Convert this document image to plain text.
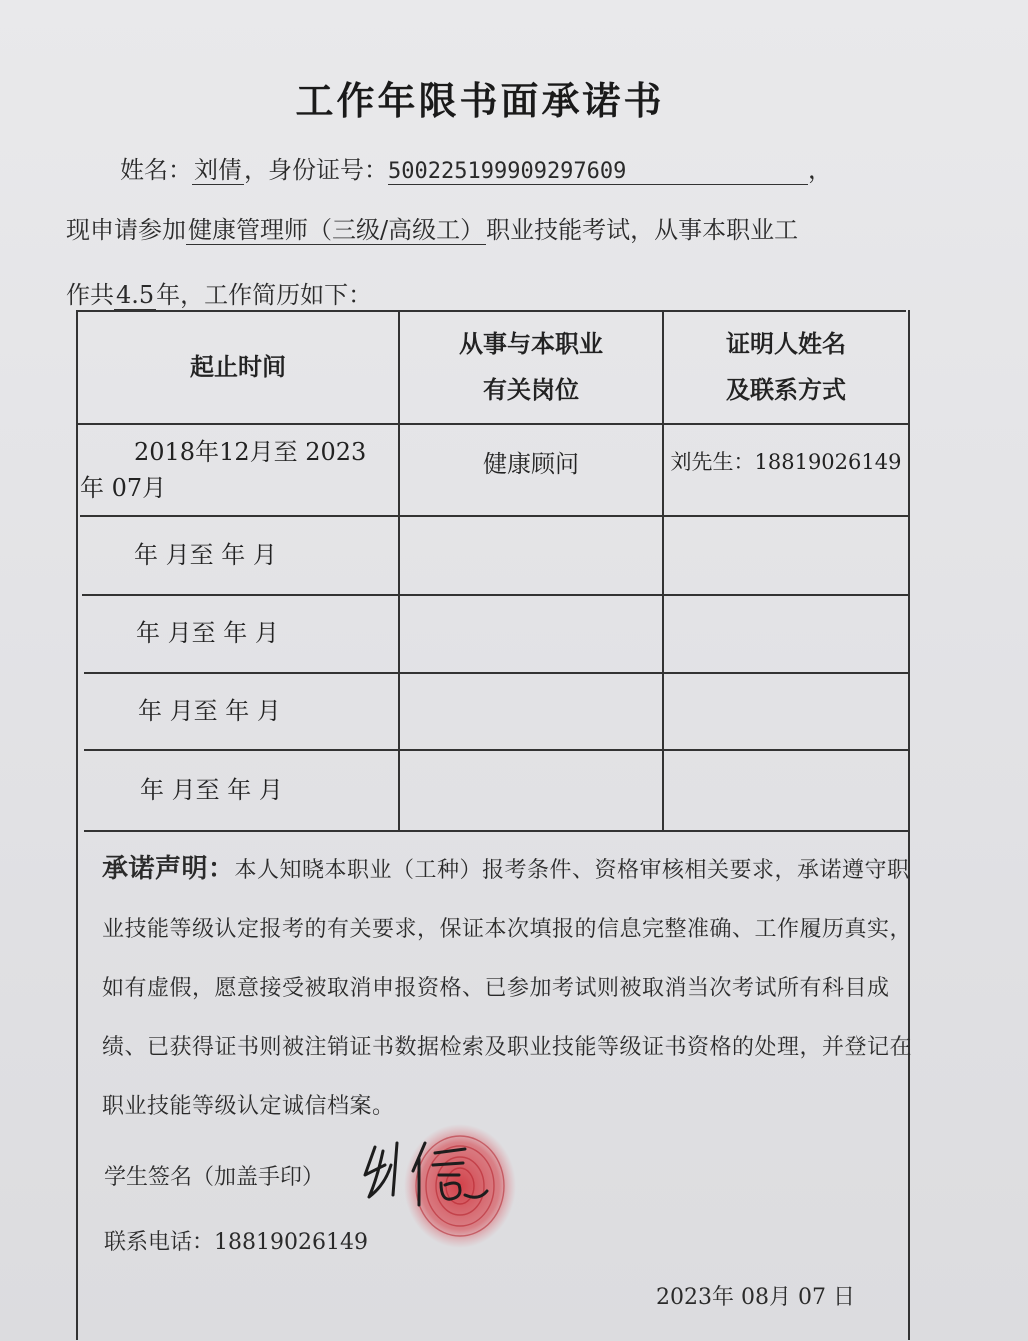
工作年限书面承诺书
姓名：刘倩，身份证号：500225199909297609	，
现申请参加健康管理师（三级/高级工）职业技能考试，从事本职业工
作共4.5年，工作简历如下：
起止时间
从事与本职业
有关岗位
证明人姓名
及联系方式
2018年12月至 2023
年 07月
健康顾问	刘先生：18819026149
年 月至 年 月
年 月至 年 月
年 月至 年 月
年 月至 年 月
承诺声明：本人知晓本职业（工种）报考条件、资格审核相关要求，承诺遵守职业技能等级认定报考的有关要求，保证本次填报的信息完整准确、工作履历真实，如有虚假，愿意接受被取消申报资格、已参加考试则被取消当次考试所有科目成绩、已获得证书则被注销证书数据检索及职业技能等级证书资格的处理，并登记在职业技能等级认定诚信档案。
学生签名（加盖手印）
联系电话：18819026149
2023年 08月 07 日
